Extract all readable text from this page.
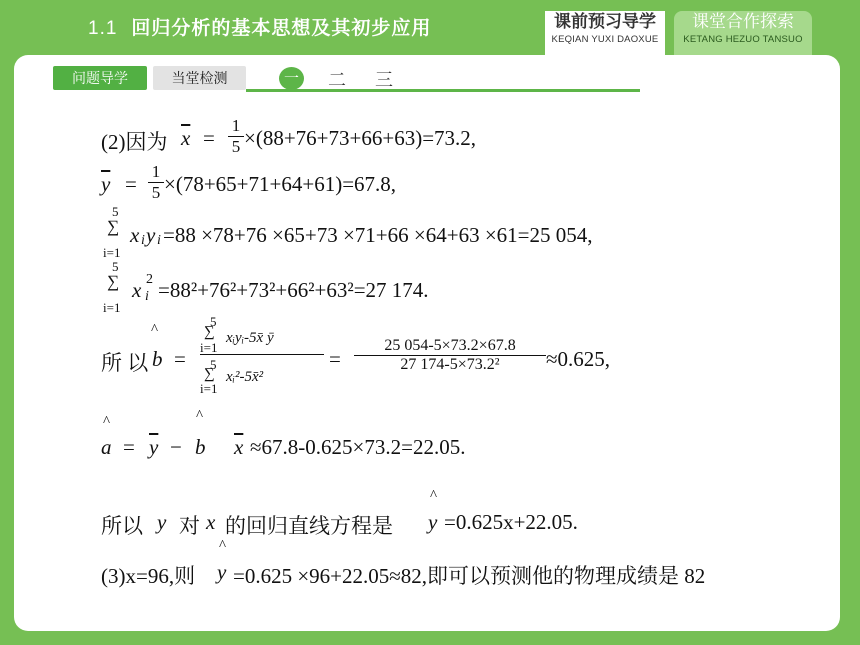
1.1 回归分析的基本思想及其初步应用	课前预习导学
KEQIAN YUXI DAOXUE
课堂合作探索
KETANG HEZUO TANSUO
问题导学	当堂检测	一 二 三
(2)因为 $\overline{x} = \frac{1}{5} \times(88+76+73+66+63)=73.2$,
$\overline{y} = \frac{1}{5} \times(78+65+71+64+61)=67.8$,
5
∑
i=1
x i y i =88 ×78+76 ×65+73 ×71+66 ×64+63 ×61=25 054,
5
∑
i=1
x 2
i =88²+76²+73²+66²+63²=27 174.
^
所 以 b =
5
∑
i=1
xᵢyᵢ-5x̄ ȳ
5
∑
i=1
xᵢ²-5x̄²
= $\frac{25 054-5\times 73.2\times 67.8}{\text{27 174-5×73.2²}} \approx 0.625$,
^	^
$a = \overline{y} - b$ $\overline{x} \approx 67.8-0.625\times 73.2=22.05$.
^
所以 y 对 x 的回归直线方程是 y =0.625x+22.05.
^
(3)x=96,则 y =0.625 ×96+22.05≈82,即可以预测他的物理成绩是 82
